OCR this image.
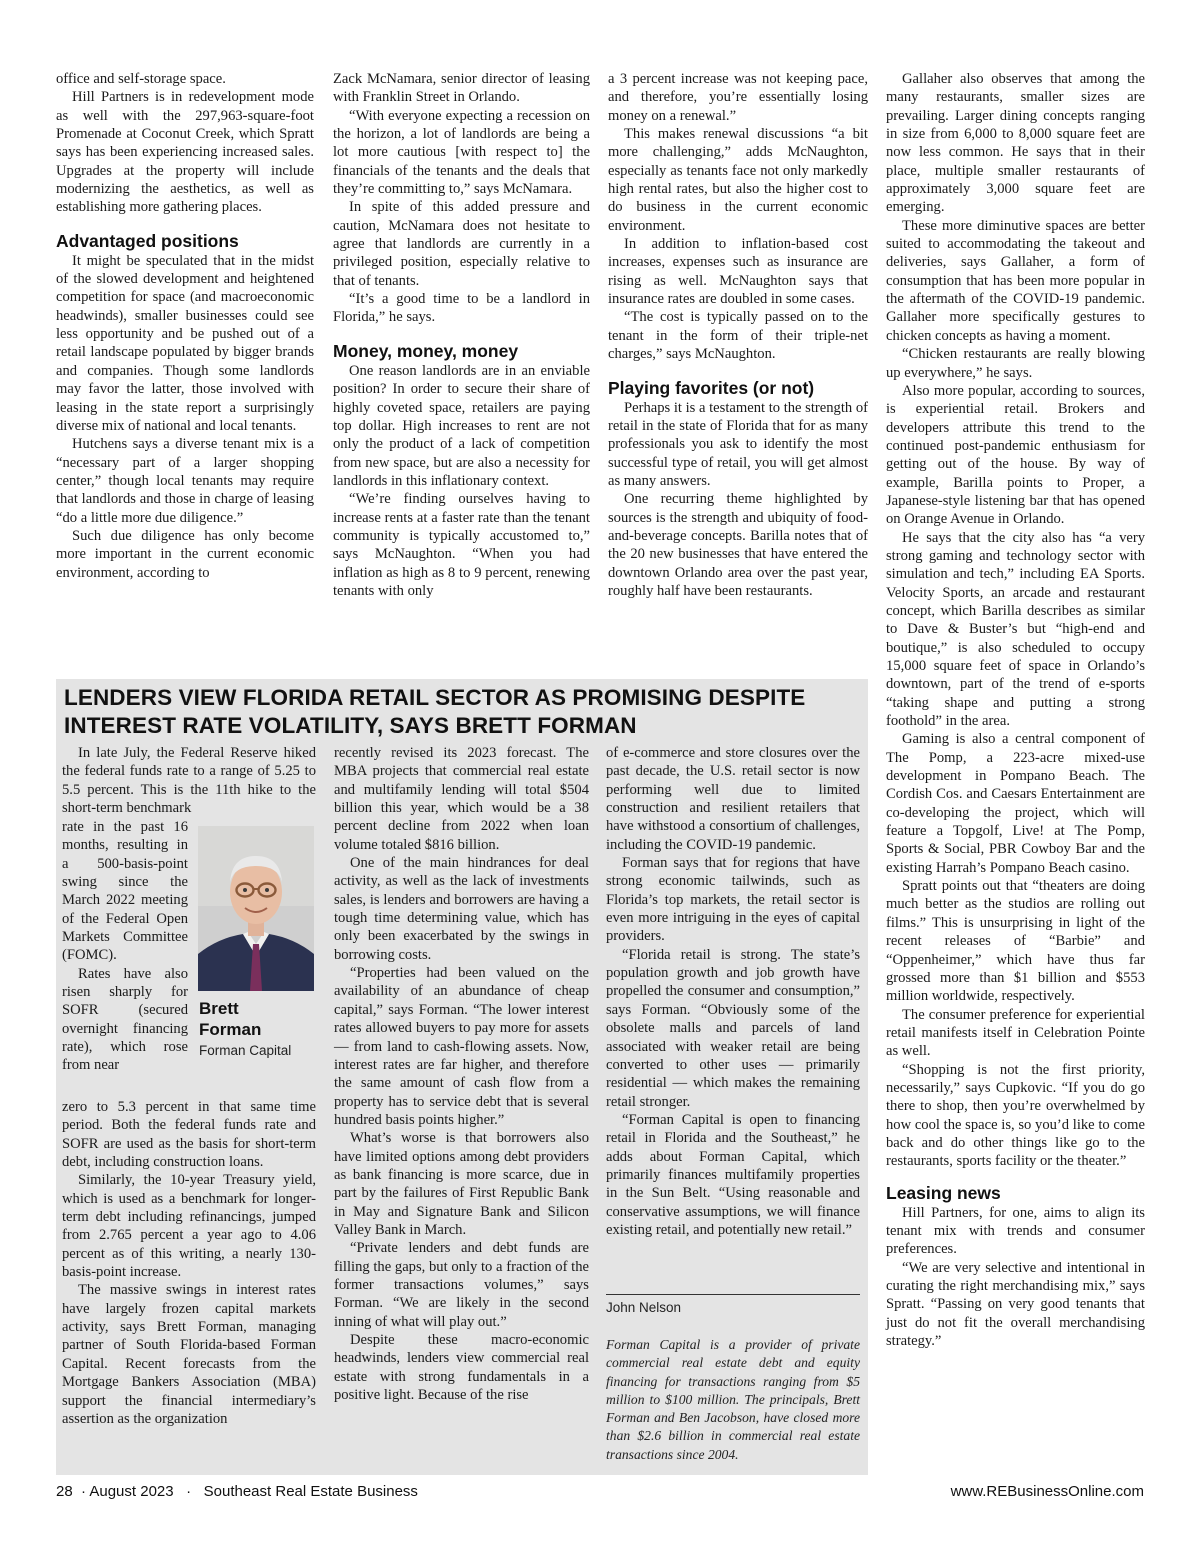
office and self-storage space.

Hill Partners is in redevelopment mode as well with the 297,963-square-foot Promenade at Coconut Creek, which Spratt says has been experiencing increased sales. Upgrades at the property will include modernizing the aesthetics, as well as establishing more gathering places.

Advantaged positions

It might be speculated that in the midst of the slowed development and heightened competition for space (and macroeconomic headwinds), smaller businesses could see less opportunity and be pushed out of a retail landscape populated by bigger brands and companies. Though some landlords may favor the latter, those involved with leasing in the state report a surprisingly diverse mix of national and local tenants.

Hutchens says a diverse tenant mix is a “necessary part of a larger shopping center,” though local tenants may require that landlords and those in charge of leasing “do a little more due diligence.”

Such due diligence has only become more important in the current economic environment, according to

Zack McNamara, senior director of leasing with Franklin Street in Orlando.

“With everyone expecting a recession on the horizon, a lot of landlords are being a lot more cautious [with respect to] the financials of the tenants and the deals that they’re committing to,” says McNamara.

In spite of this added pressure and caution, McNamara does not hesitate to agree that landlords are currently in a privileged position, especially relative to that of tenants.

“It’s a good time to be a landlord in Florida,” he says.

Money, money, money

One reason landlords are in an enviable position? In order to secure their share of highly coveted space, retailers are paying top dollar. High increases to rent are not only the product of a lack of competition from new space, but are also a necessity for landlords in this inflationary context.

“We’re finding ourselves having to increase rents at a faster rate than the tenant community is typically accustomed to,” says McNaughton. “When you had inflation as high as 8 to 9 percent, renewing tenants with only

a 3 percent increase was not keeping pace, and therefore, you’re essentially losing money on a renewal.”

This makes renewal discussions “a bit more challenging,” adds McNaughton, especially as tenants face not only markedly high rental rates, but also the higher cost to do business in the current economic environment.

In addition to inflation-based cost increases, expenses such as insurance are rising as well. McNaughton says that insurance rates are doubled in some cases.

“The cost is typically passed on to the tenant in the form of their triple-net charges,” says McNaughton.

Playing favorites (or not)

Perhaps it is a testament to the strength of retail in the state of Florida that for as many professionals you ask to identify the most successful type of retail, you will get almost as many answers.

One recurring theme highlighted by sources is the strength and ubiquity of food-and-beverage concepts. Barilla notes that of the 20 new businesses that have entered the downtown Orlando area over the past year, roughly half have been restaurants.

Gallaher also observes that among the many restaurants, smaller sizes are prevailing. Larger dining concepts ranging in size from 6,000 to 8,000 square feet are now less common. He says that in their place, multiple smaller restaurants of approximately 3,000 square feet are emerging.

These more diminutive spaces are better suited to accommodating the takeout and deliveries, says Gallaher, a form of consumption that has been more popular in the aftermath of the COVID-19 pandemic. Gallaher more specifically gestures to chicken concepts as having a moment.

“Chicken restaurants are really blowing up everywhere,” he says.

Also more popular, according to sources, is experiential retail. Brokers and developers attribute this trend to the continued post-pandemic enthusiasm for getting out of the house. By way of example, Barilla points to Proper, a Japanese-style listening bar that has opened on Orange Avenue in Orlando.

He says that the city also has “a very strong gaming and technology sector with simulation and tech,” including EA Sports. Velocity Sports, an arcade and restaurant concept, which Barilla describes as similar to Dave & Buster’s but “high-end and boutique,” is also scheduled to occupy 15,000 square feet of space in Orlando’s downtown, part of the trend of e-sports “taking shape and putting a strong foothold” in the area.

Gaming is also a central component of The Pomp, a 223-acre mixed-use development in Pompano Beach. The Cordish Cos. and Caesars Entertainment are co-developing the project, which will feature a Topgolf, Live! at The Pomp, Sports & Social, PBR Cowboy Bar and the existing Harrah’s Pompano Beach casino.

Spratt points out that “theaters are doing much better as the studios are rolling out films.” This is unsurprising in light of the recent releases of “Barbie” and “Oppenheimer,” which have thus far grossed more than $1 billion and $553 million worldwide, respectively.

The consumer preference for experiential retail manifests itself in Celebration Pointe as well.

“Shopping is not the first priority, necessarily,” says Cupkovic. “If you do go there to shop, then you’re overwhelmed by how cool the space is, so you’d like to come back and do other things like go to the restaurants, sports facility or the theater.”

Leasing news

Hill Partners, for one, aims to align its tenant mix with trends and consumer preferences.

“We are very selective and intentional in curating the right merchandising mix,” says Spratt. “Passing on very good tenants that just do not fit the overall merchandising strategy.”

LENDERS VIEW FLORIDA RETAIL SECTOR AS PROMISING DESPITE INTEREST RATE VOLATILITY, SAYS BRETT FORMAN

In late July, the Federal Reserve hiked the federal funds rate to a range of 5.25 to 5.5 percent. This is the 11th hike to the short-term benchmark

rate in the past 16 months, resulting in a 500-basis-point swing since the March 2022 meeting of the Federal Open Markets Committee (FOMC).

Rates have also risen sharply for SOFR (secured overnight financing rate), which rose from near

zero to 5.3 percent in that same time period. Both the federal funds rate and SOFR are used as the basis for short-term debt, including construction loans.

Similarly, the 10-year Treasury yield, which is used as a benchmark for longer-term debt including refinancings, jumped from 2.765 percent a year ago to 4.06 percent as of this writing, a nearly 130-basis-point increase.

The massive swings in interest rates have largely frozen capital markets activity, says Brett Forman, managing partner of South Florida-based Forman Capital. Recent forecasts from the Mortgage Bankers Association (MBA) support the financial intermediary’s assertion as the organization

Brett
Forman
Forman Capital

recently revised its 2023 forecast. The MBA projects that commercial real estate and multifamily lending will total $504 billion this year, which would be a 38 percent decline from 2022 when loan volume totaled $816 billion.

One of the main hindrances for deal activity, as well as the lack of investments sales, is lenders and borrowers are having a tough time determining value, which has only been exacerbated by the swings in borrowing costs.

“Properties had been valued on the availability of an abundance of cheap capital,” says Forman. “The lower interest rates allowed buyers to pay more for assets — from land to cash-flowing assets. Now, interest rates are far higher, and therefore the same amount of cash flow from a property has to service debt that is several hundred basis points higher.”

What’s worse is that borrowers also have limited options among debt providers as bank financing is more scarce, due in part by the failures of First Republic Bank in May and Signature Bank and Silicon Valley Bank in March.

“Private lenders and debt funds are filling the gaps, but only to a fraction of the former transactions volumes,” says Forman. “We are likely in the second inning of what will play out.”

Despite these macro-economic headwinds, lenders view commercial real estate with strong fundamentals in a positive light. Because of the rise

of e-commerce and store closures over the past decade, the U.S. retail sector is now performing well due to limited construction and resilient retailers that have withstood a consortium of challenges, including the COVID-19 pandemic.

Forman says that for regions that have strong economic tailwinds, such as Florida’s top markets, the retail sector is even more intriguing in the eyes of capital providers.

“Florida retail is strong. The state’s population growth and job growth have propelled the consumer and consumption,” says Forman. “Obviously some of the obsolete malls and parcels of land associated with weaker retail are being converted to other uses — primarily residential — which makes the remaining retail stronger.

“Forman Capital is open to financing retail in Florida and the Southeast,” he adds about Forman Capital, which primarily finances multifamily properties in the Sun Belt. “Using reasonable and conservative assumptions, we will finance existing retail, and potentially new retail.”

John Nelson
Forman Capital is a provider of private commercial real estate debt and equity financing for transactions ranging from $5 million to $100 million. The principals, Brett Forman and Ben Jacobson, have closed more than $2.6 billion in commercial real estate transactions since 2004.
28 · August 2023 · Southeast Real Estate Business	www.REBusinessOnline.com
